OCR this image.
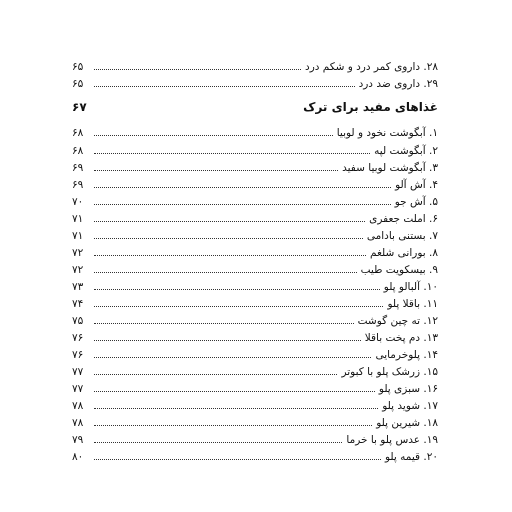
۶۵	۲۸. داروی کمر درد و شکم درد
۶۵	۲۹. داروی ضد درد
۶۷	غذاهای مفید برای ترک
۶۸	۱. آبگوشت نخود و لوبیا
۶۸	۲. آبگوشت لپه
۶۹	۳. آبگوشت لوبیا سفید
۶۹	۴. آش آلو
۷۰	۵. آش جو
۷۱	۶. املت جعفری
۷۱	۷. بستنی بادامی
۷۲	۸. بورانی شلغم
۷۲	۹. بیسکویت طیب
۷۳	۱۰. آلبالو پلو
۷۴	۱۱. باقلا پلو
۷۵	۱۲. ته چین گوشت
۷۶	۱۳. دم پخت باقلا
۷۶	۱۴. پلوخرمایی
۷۷	۱۵. زرشک پلو با کبوتر
۷۷	۱۶. سبزی پلو
۷۸	۱۷. شوید پلو
۷۸	۱۸. شیرین پلو
۷۹	۱۹. عدس پلو با خرما
۸۰	۲۰. قیمه پلو
